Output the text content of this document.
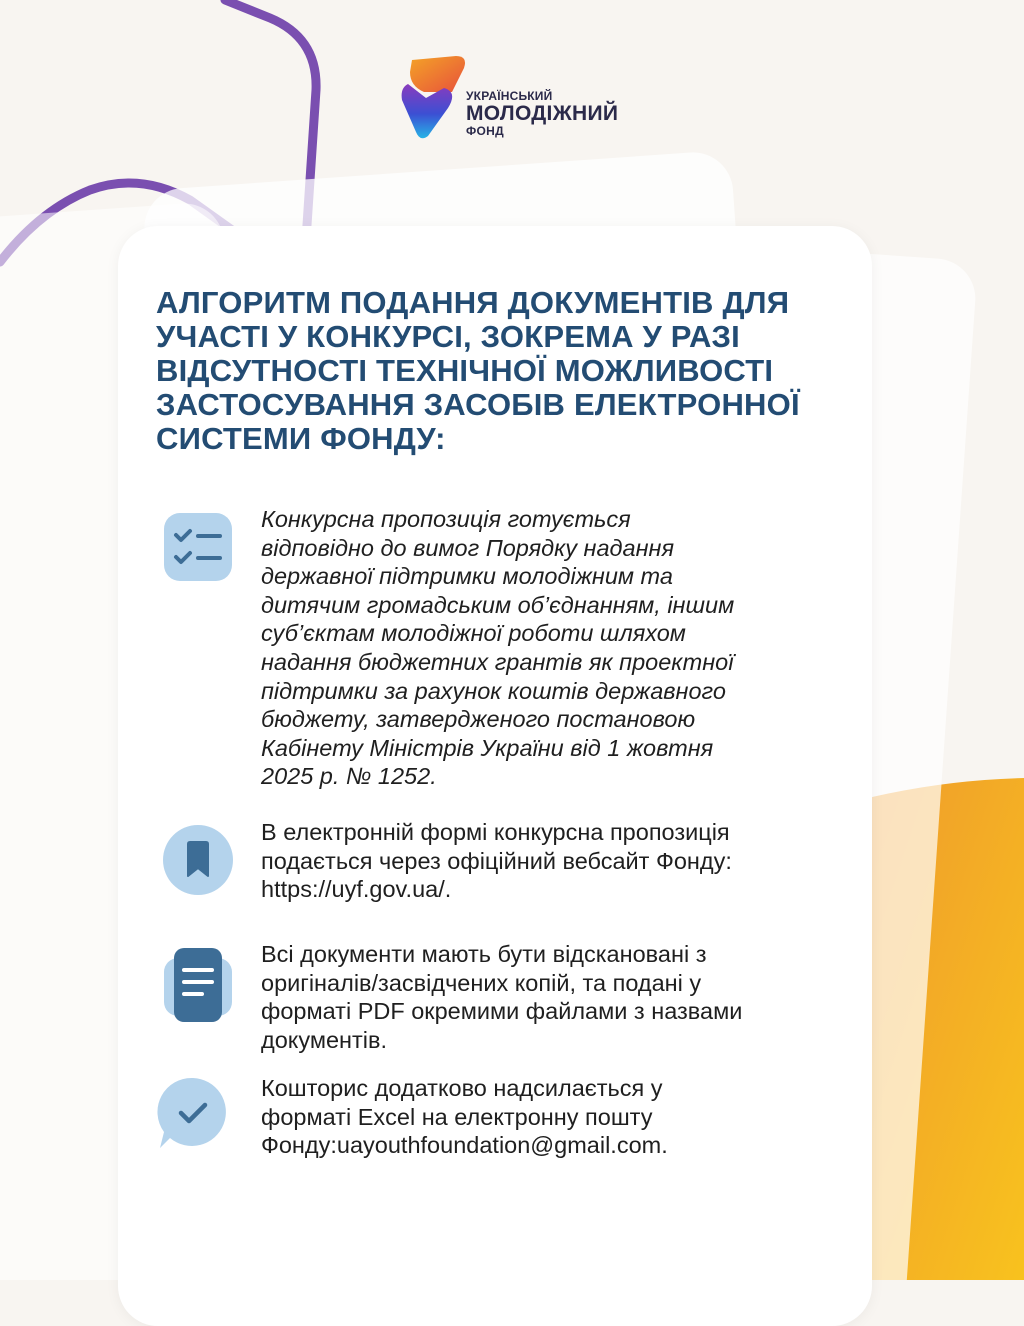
УКРАЇНСЬКИЙ
МОЛОДІЖНИЙ
ФОНД
АЛГОРИТМ ПОДАННЯ ДОКУМЕНТІВ ДЛЯ
УЧАСТІ У КОНКУРСІ, ЗОКРЕМА У РАЗІ
ВІДСУТНОСТІ ТЕХНІЧНОЇ МОЖЛИВОСТІ
ЗАСТОСУВАННЯ ЗАСОБІВ ЕЛЕКТРОННОЇ
СИСТЕМИ ФОНДУ:

Конкурсна пропозиція готується
відповідно до вимог Порядку надання
державної підтримки молодіжним та
дитячим громадським об’єднанням, іншим
суб’єктам молодіжної роботи шляхом
надання бюджетних грантів як проектної
підтримки за рахунок коштів державного
бюджету, затвердженого постановою
Кабінету Міністрів України від 1 жовтня
2025 р. № 1252.

В електронній формі конкурсна пропозиція
подається через офіційний вебсайт Фонду:
https://uyf.gov.ua/.

Всі документи мають бути відскановані з
оригіналів/засвідчених копій, та подані у
форматі PDF окремими файлами з назвами
документів.

Кошторис додатково надсилається у
форматі Excel на електронну пошту
Фонду:uayouthfoundation@gmail.com.
